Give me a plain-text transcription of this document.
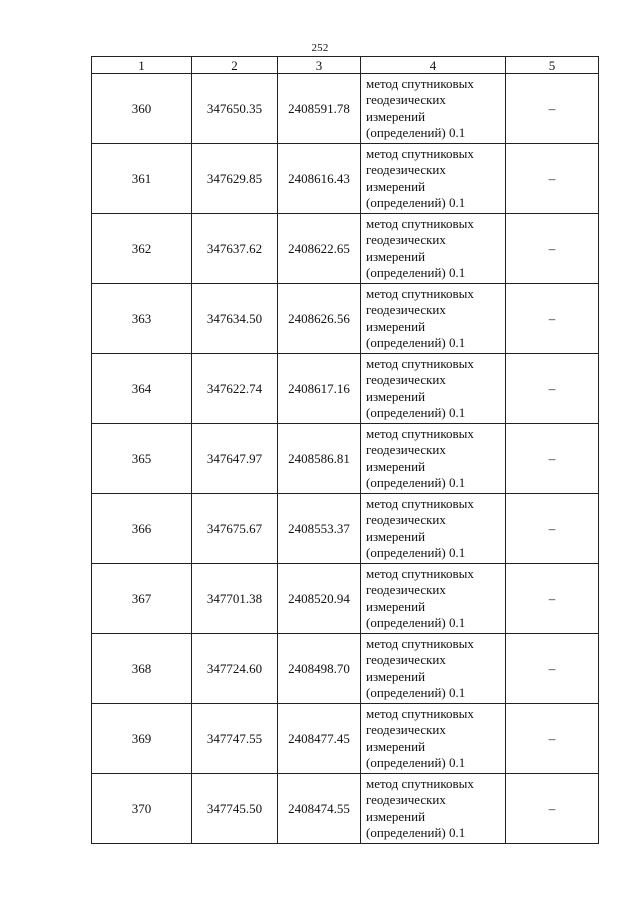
252
1	2	3	4	5
360	347650.35	2408591.78	метод спутниковых
геодезических
измерений
(определений) 0.1	–
361	347629.85	2408616.43	метод спутниковых
геодезических
измерений
(определений) 0.1	–
362	347637.62	2408622.65	метод спутниковых
геодезических
измерений
(определений) 0.1	–
363	347634.50	2408626.56	метод спутниковых
геодезических
измерений
(определений) 0.1	–
364	347622.74	2408617.16	метод спутниковых
геодезических
измерений
(определений) 0.1	–
365	347647.97	2408586.81	метод спутниковых
геодезических
измерений
(определений) 0.1	–
366	347675.67	2408553.37	метод спутниковых
геодезических
измерений
(определений) 0.1	–
367	347701.38	2408520.94	метод спутниковых
геодезических
измерений
(определений) 0.1	–
368	347724.60	2408498.70	метод спутниковых
геодезических
измерений
(определений) 0.1	–
369	347747.55	2408477.45	метод спутниковых
геодезических
измерений
(определений) 0.1	–
370	347745.50	2408474.55	метод спутниковых
геодезических
измерений
(определений) 0.1	–
